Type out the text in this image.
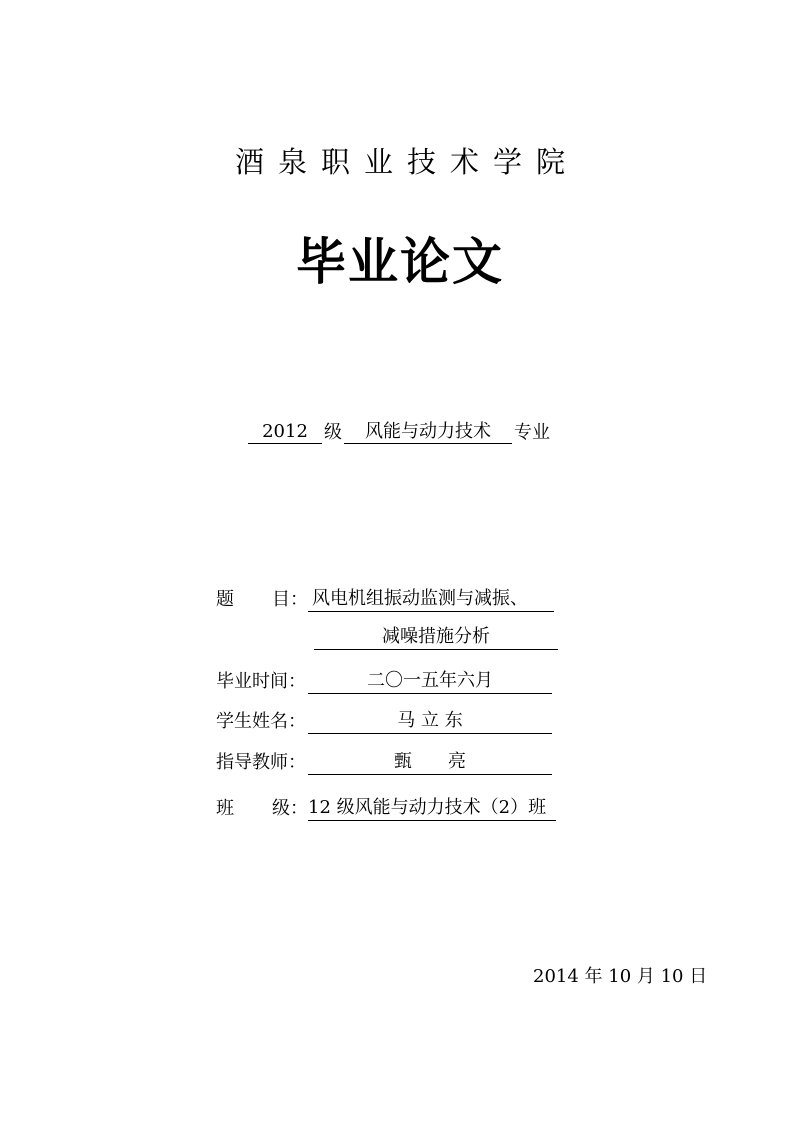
酒泉职业技术学院
毕业论文
2012 级	风能与动力技术	专业
题 目： 风电机组振动监测与减振、
减噪措施分析
毕业时间：	二〇一五年六月
学生姓名：	马 立 东
指导教师：	甄　　亮
班 级： 12 级风能与动力技术（2）班
2014 年 10 月 10 日
